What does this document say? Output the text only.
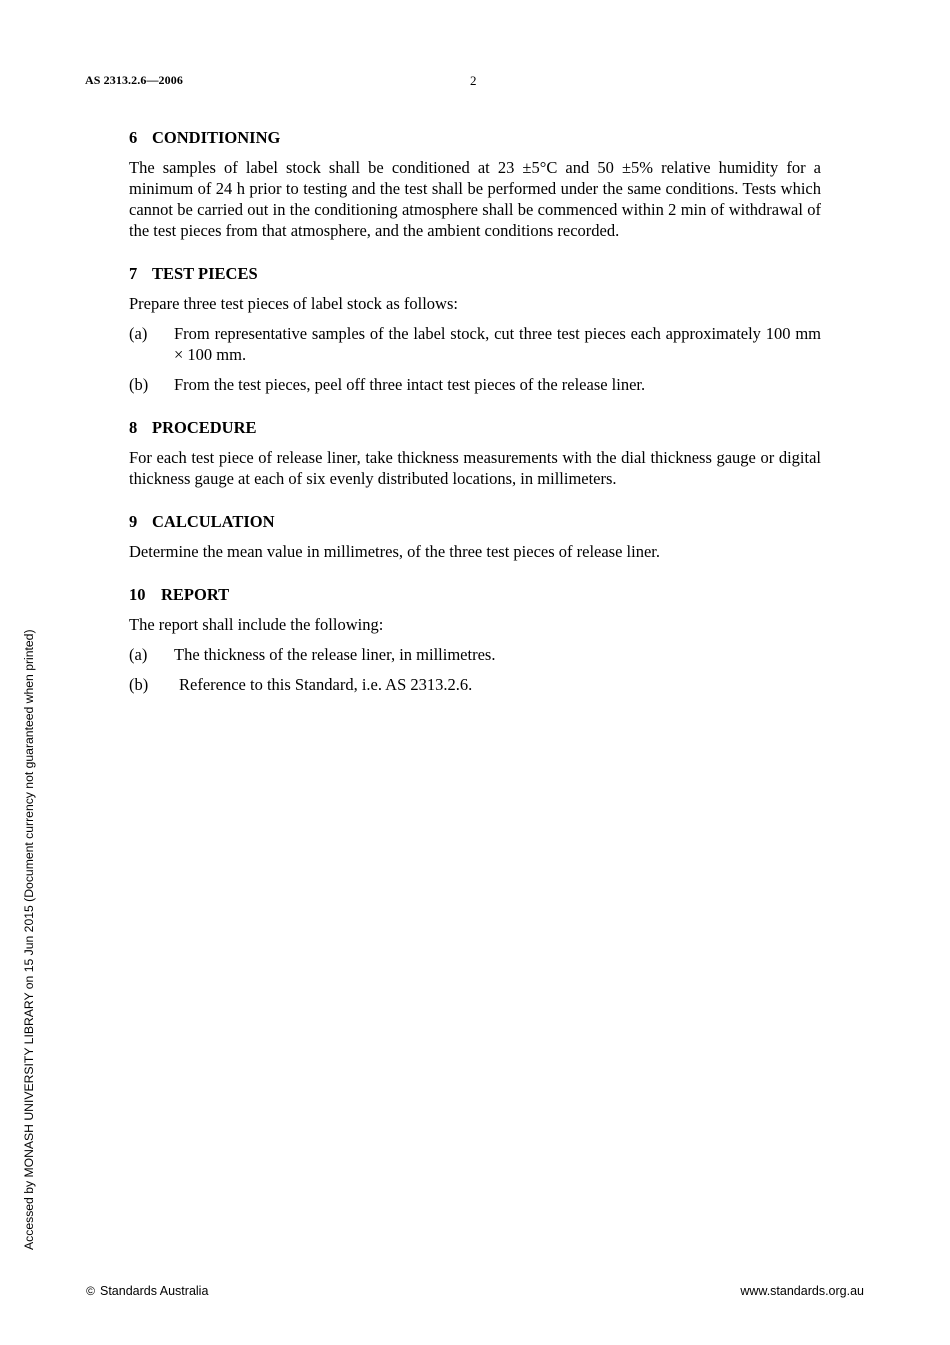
AS 2313.2.6—2006	2
6 CONDITIONING

The samples of label stock shall be conditioned at 23 ±5°C and 50 ±5% relative humidity for a minimum of 24 h prior to testing and the test shall be performed under the same conditions. Tests which cannot be carried out in the conditioning atmosphere shall be commenced within 2 min of withdrawal of the test pieces from that atmosphere, and the ambient conditions recorded.

7 TEST PIECES

Prepare three test pieces of label stock as follows:

(a)	From representative samples of the label stock, cut three test pieces each approximately 100 mm × 100 mm.
(b)	From the test pieces, peel off three intact test pieces of the release liner.
8 PROCEDURE

For each test piece of release liner, take thickness measurements with the dial thickness gauge or digital thickness gauge at each of six evenly distributed locations, in millimeters.

9 CALCULATION

Determine the mean value in millimetres, of the three test pieces of release liner.

10 REPORT

The report shall include the following:

(a)	The thickness of the release liner, in millimetres.
(b)	Reference to this Standard, i.e. AS 2313.2.6.
Accessed by MONASH UNIVERSITY LIBRARY on 15 Jun 2015 (Document currency not guaranteed when printed)
© Standards Australia	www.standards.org.au
